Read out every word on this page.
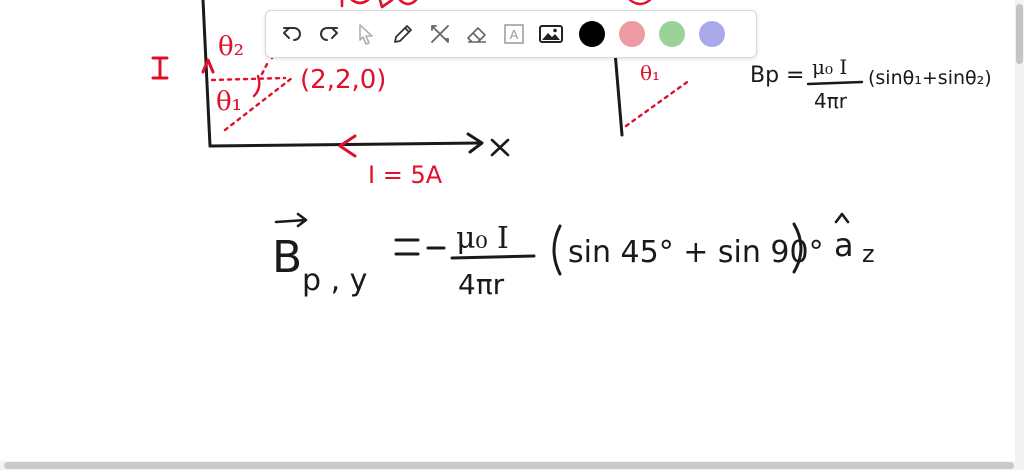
θ₂
θ₁
(2,2,0)
I = 5A
θ₁	Bp = μ₀ I
4πr
(sinθ₁+sinθ₂)
B p , y
μ₀ I
4πr
sin 45° + sin 90° a z
A
